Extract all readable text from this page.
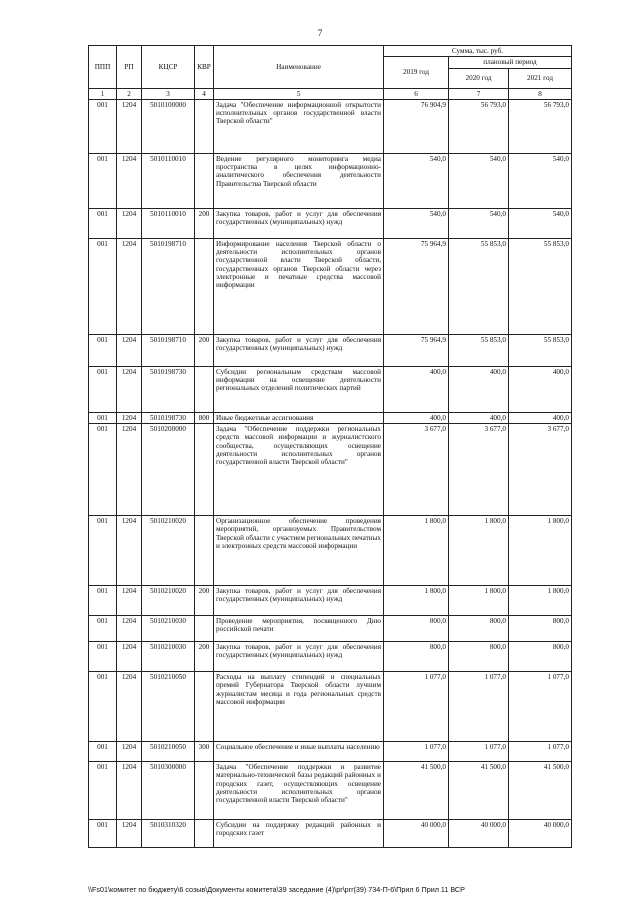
7
ППП	РП	КЦСР	КВР	Наименование	Сумма, тыс. руб.		
					2019 год	плановый период	
						2020 год	2021 год
1	2	3	4	5	6	7	8
001	1204	5010100000		Задача "Обеспечение информационной открытости исполнительных органов государственной власти Тверской области"	76 904,9	56 793,0	56 793,0
001	1204	5010110010		Ведение регулярного мониторинга медиа пространства в целях информационно-аналитического обеспечения деятельности Правительства Тверской области	540,0	540,0	540,0
001	1204	5010110010	200	Закупка товаров, работ и услуг для обеспечения государственных (муниципальных) нужд	540,0	540,0	540,0
001	1204	5010198710		Информирование населения Тверской области о деятельности исполнительных органов государственной власти Тверской области, государственных органов Тверской области через электронные и печатные средства массовой информации	75 964,9	55 853,0	55 853,0
001	1204	5010198710	200	Закупка товаров, работ и услуг для обеспечения государственных (муниципальных) нужд	75 964,9	55 853,0	55 853,0
001	1204	5010198730		Субсидии региональным средствам массовой информации на освещение деятельности региональных отделений политических партий	400,0	400,0	400,0
001	1204	5010198730	800	Иные бюджетные ассигнования	400,0	400,0	400,0
001	1204	5010200000		Задача "Обеспечение поддержки региональных средств массовой информации и журналистского сообщества, осуществляющих освещение деятельности исполнительных органов государственной власти Тверской области"	3 677,0	3 677,0	3 677,0
001	1204	5010210020		Организационное обеспечение проведения мероприятий, организуемых Правительством Тверской области с участием региональных печатных и электронных средств массовой информации	1 800,0	1 800,0	1 800,0
001	1204	5010210020	200	Закупка товаров, работ и услуг для обеспечения государственных (муниципальных) нужд	1 800,0	1 800,0	1 800,0
001	1204	5010210030		Проведение мероприятия, посвященного Дню российской печати	800,0	800,0	800,0
001	1204	5010210030	200	Закупка товаров, работ и услуг для обеспечения государственных (муниципальных) нужд	800,0	800,0	800,0
001	1204	5010210050		Расходы на выплату стипендий и специальных премий Губернатора Тверской области лучшим журналистам месяца и года региональных средств массовой информации	1 077,0	1 077,0	1 077,0
001	1204	5010210050	300	Социальное обеспечение и иные выплаты населению	1 077,0	1 077,0	1 077,0
001	1204	5010300000		Задача "Обеспечение поддержки и развитие материально-технической базы редакций районных и городских газет, осуществляющих освещение деятельности исполнительных органов государственной власти Тверской области"	41 500,0	41 500,0	41 500,0
001	1204	5010310320		Субсидии на поддержку редакций районных и городских газет	40 000,0	40 000,0	40 000,0
\\Fs01\комитет по бюджету\6 созыв\Документы комитета\39 заседание (4)\pr\prr(39) 734-П-6\Прил 6 Прил 11 ВСР
